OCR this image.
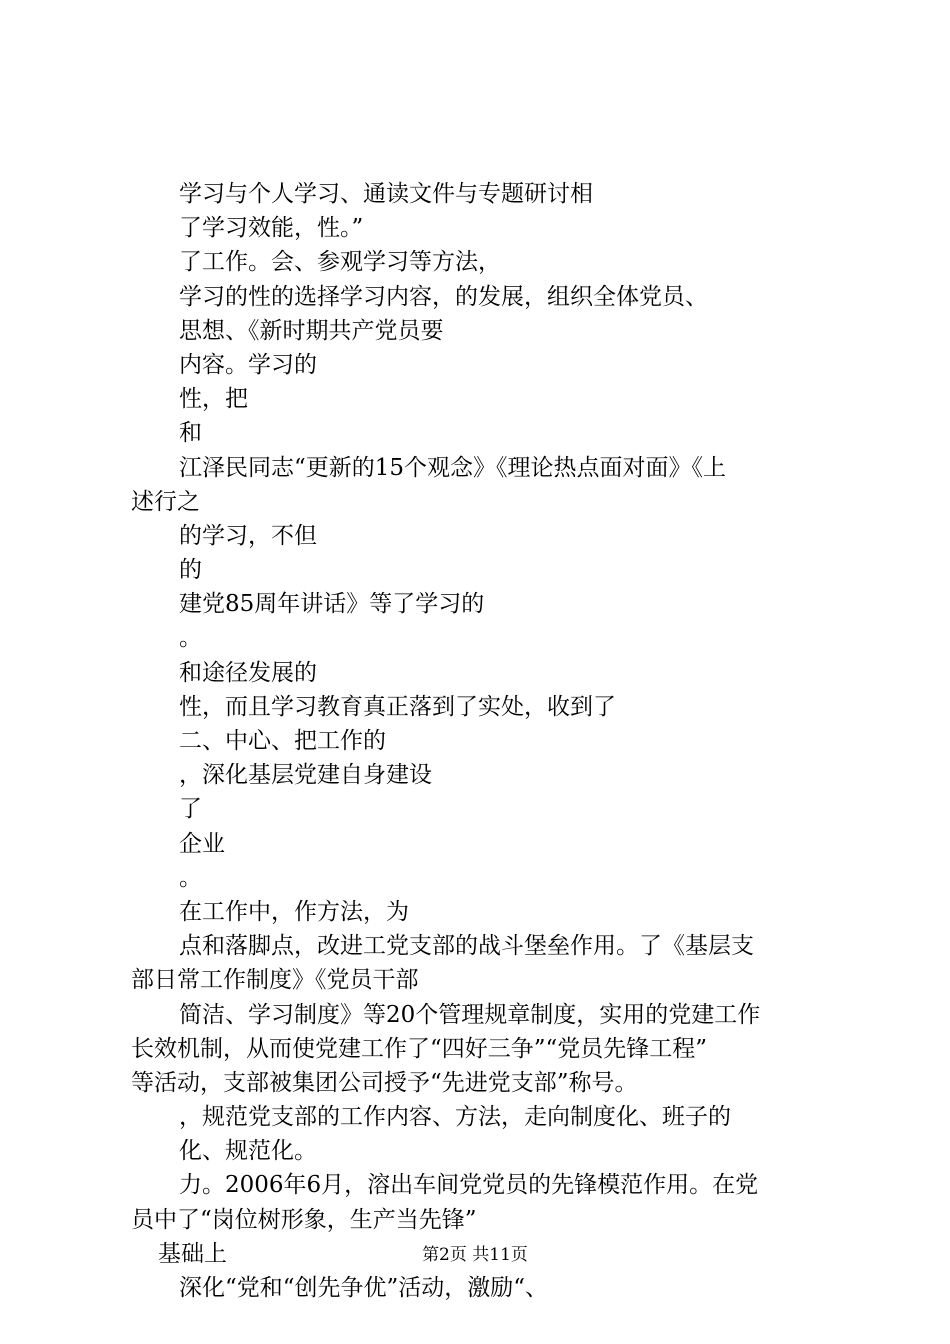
学习与个人学习、通读文件与专题研讨相
了学习效能，性。”
了工作。会、参观学习等方法，
学习的性的选择学习内容，的发展，组织全体党员、
思想、《新时期共产党员要
内容。学习的
性，把
和
江泽民同志“更新的15个观念》《理论热点面对面》《上
述行之
的学习，不但
的
建党85周年讲话》等了学习的
。
和途径发展的
性，而且学习教育真正落到了实处，收到了
二、中心、把工作的
，深化基层党建自身建设
了
企业
。
在工作中，作方法，为
点和落脚点，改进工党支部的战斗堡垒作用。了《基层支
部日常工作制度》《党员干部
简洁、学习制度》等20个管理规章制度，实用的党建工作
长效机制，从而使党建工作了“四好三争”“党员先锋工程”
等活动，支部被集团公司授予“先进党支部”称号。
，规范党支部的工作内容、方法，走向制度化、班子的
化、规范化。
力。2006年6月，溶出车间党党员的先锋模范作用。在党
员中了“岗位树形象，生产当先锋”
基础上
深化“党和“创先争优”活动，激励“、
第2页 共11页
